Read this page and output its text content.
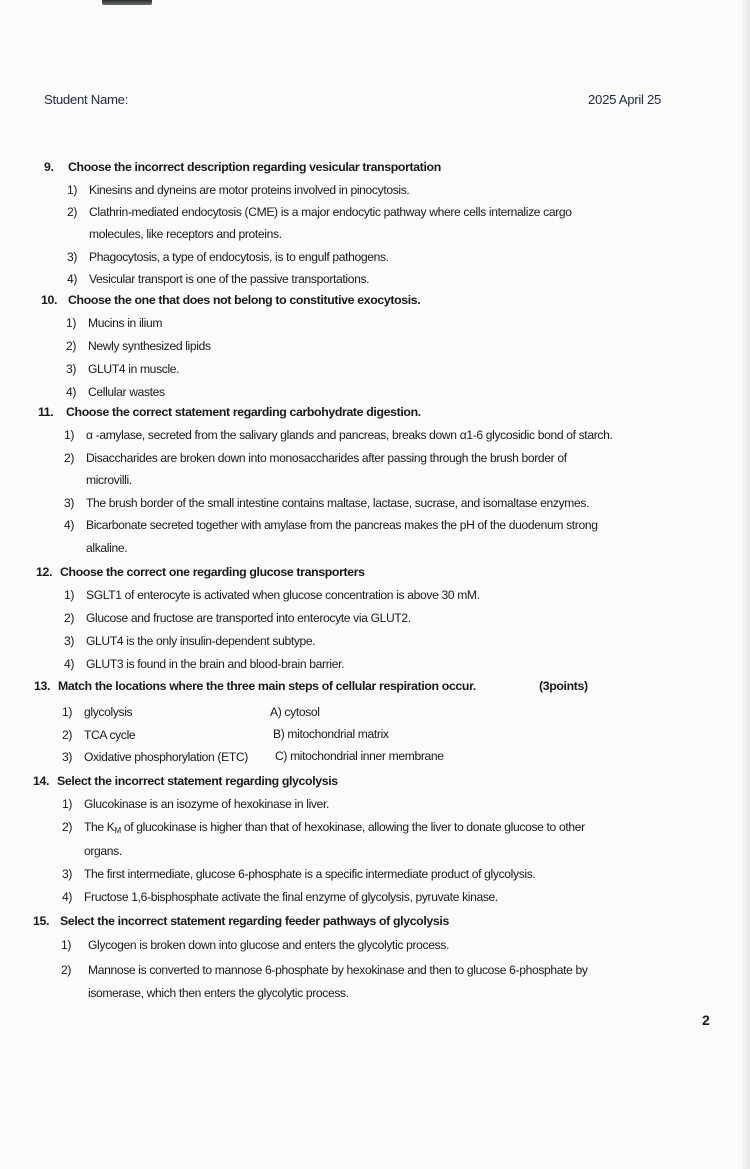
Student Name:	2025 April 25
9. Choose the incorrect description regarding vesicular transportation
1) Kinesins and dyneins are motor proteins involved in pinocytosis.
2) Clathrin-mediated endocytosis (CME) is a major endocytic pathway where cells internalize cargo
molecules, like receptors and proteins.
3) Phagocytosis, a type of endocytosis, is to engulf pathogens.
4) Vesicular transport is one of the passive transportations.
10. Choose the one that does not belong to constitutive exocytosis.
1) Mucins in ilium
2) Newly synthesized lipids
3) GLUT4 in muscle.
4) Cellular wastes
11. Choose the correct statement regarding carbohydrate digestion.
1) α -amylase, secreted from the salivary glands and pancreas, breaks down α1-6 glycosidic bond of starch.
2) Disaccharides are broken down into monosaccharides after passing through the brush border of
microvilli.
3) The brush border of the small intestine contains maltase, lactase, sucrase, and isomaltase enzymes.
4) Bicarbonate secreted together with amylase from the pancreas makes the pH of the duodenum strong
alkaline.
12. Choose the correct one regarding glucose transporters
1) SGLT1 of enterocyte is activated when glucose concentration is above 30 mM.
2) Glucose and fructose are transported into enterocyte via GLUT2.
3) GLUT4 is the only insulin-dependent subtype.
4) GLUT3 is found in the brain and blood-brain barrier.
13. Match the locations where the three main steps of cellular respiration occur.	(3points)
1) glycolysis
2) TCA cycle
3) Oxidative phosphorylation (ETC)
A) cytosol
B) mitochondrial matrix
C) mitochondrial inner membrane
14. Select the incorrect statement regarding glycolysis
1) Glucokinase is an isozyme of hexokinase in liver.
2) The $K_M$ of glucokinase is higher than that of hexokinase, allowing the liver to donate glucose to other
organs.
3) The first intermediate, glucose 6-phosphate is a specific intermediate product of glycolysis.
4) Fructose 1,6-bisphosphate activate the final enzyme of glycolysis, pyruvate kinase.
15. Select the incorrect statement regarding feeder pathways of glycolysis
1) Glycogen is broken down into glucose and enters the glycolytic process.
2) Mannose is converted to mannose 6-phosphate by hexokinase and then to glucose 6-phosphate by
isomerase, which then enters the glycolytic process.
2
